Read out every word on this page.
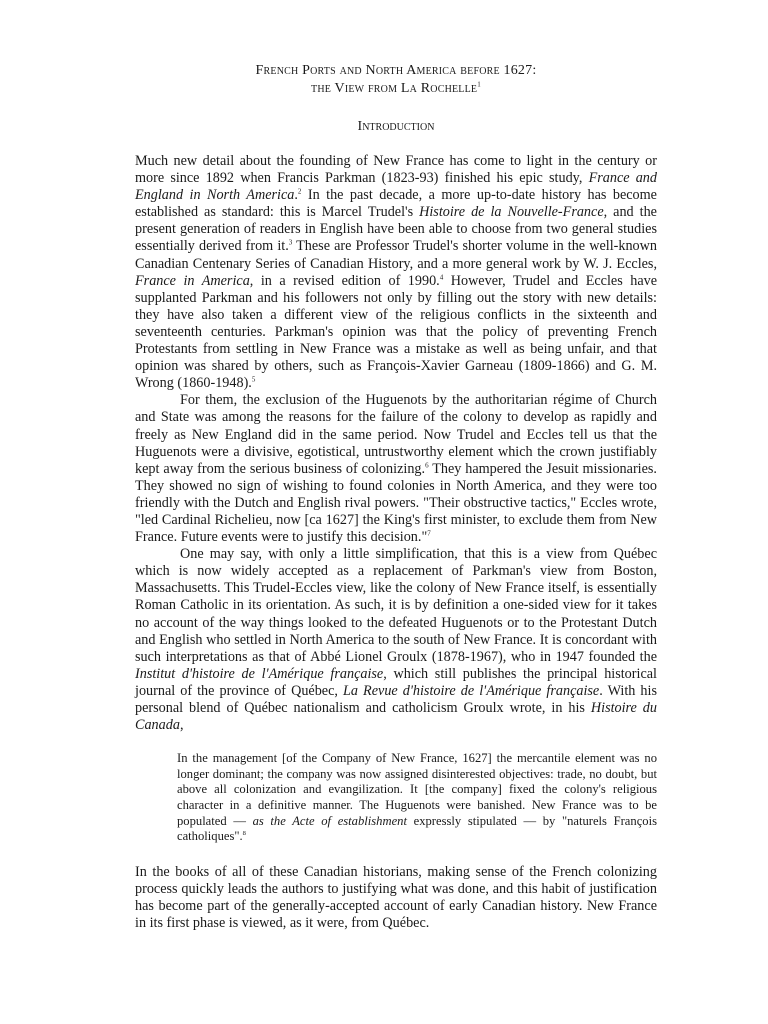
French Ports and North America before 1627:
the View from La Rochelle$^1$

Introduction

Much new detail about the founding of New France has come to light in the century or more since 1892 when Francis Parkman (1823-93) finished his epic study, France and England in North America.$^2$ In the past decade, a more up-to-date history has become established as standard: this is Marcel Trudel's Histoire de la Nouvelle-France, and the present generation of readers in English have been able to choose from two general studies essentially derived from it.$^3$ These are Professor Trudel's shorter volume in the well-known Canadian Centenary Series of Canadian History, and a more general work by W. J. Eccles, France in America, in a revised edition of 1990.$^4$ However, Trudel and Eccles have supplanted Parkman and his followers not only by filling out the story with new details: they have also taken a different view of the religious conflicts in the sixteenth and seventeenth centuries. Parkman's opinion was that the policy of preventing French Protestants from settling in New France was a mistake as well as being unfair, and that opinion was shared by others, such as François-Xavier Garneau (1809-1866) and G. M. Wrong (1860-1948).$^5$

For them, the exclusion of the Huguenots by the authoritarian régime of Church and State was among the reasons for the failure of the colony to develop as rapidly and freely as New England did in the same period. Now Trudel and Eccles tell us that the Huguenots were a divisive, egotistical, untrustworthy element which the crown justifiably kept away from the serious business of colonizing.$^6$ They hampered the Jesuit missionaries. They showed no sign of wishing to found colonies in North America, and they were too friendly with the Dutch and English rival powers. "Their obstructive tactics," Eccles wrote, "led Cardinal Richelieu, now [ca 1627] the King's first minister, to exclude them from New France. Future events were to justify this decision."$^7$

One may say, with only a little simplification, that this is a view from Québec which is now widely accepted as a replacement of Parkman's view from Boston, Massachusetts. This Trudel-Eccles view, like the colony of New France itself, is essentially Roman Catholic in its orientation. As such, it is by definition a one-sided view for it takes no account of the way things looked to the defeated Huguenots or to the Protestant Dutch and English who settled in North America to the south of New France. It is concordant with such interpretations as that of Abbé Lionel Groulx (1878-1967), who in 1947 founded the Institut d'histoire de l'Amérique française, which still publishes the principal historical journal of the province of Québec, La Revue d'histoire de l'Amérique française. With his personal blend of Québec nationalism and catholicism Groulx wrote, in his Histoire du Canada,

In the management [of the Company of New France, 1627] the mercantile element was no longer dominant; the company was now assigned disinterested objectives: trade, no doubt, but above all colonization and evangilization. It [the company] fixed the colony's religious character in a definitive manner. The Huguenots were banished. New France was to be populated — as the Acte of establishment expressly stipulated — by "naturels François catholiques".$^8$

In the books of all of these Canadian historians, making sense of the French colonizing process quickly leads the authors to justifying what was done, and this habit of justification has become part of the generally-accepted account of early Canadian history. New France in its first phase is viewed, as it were, from Québec.
